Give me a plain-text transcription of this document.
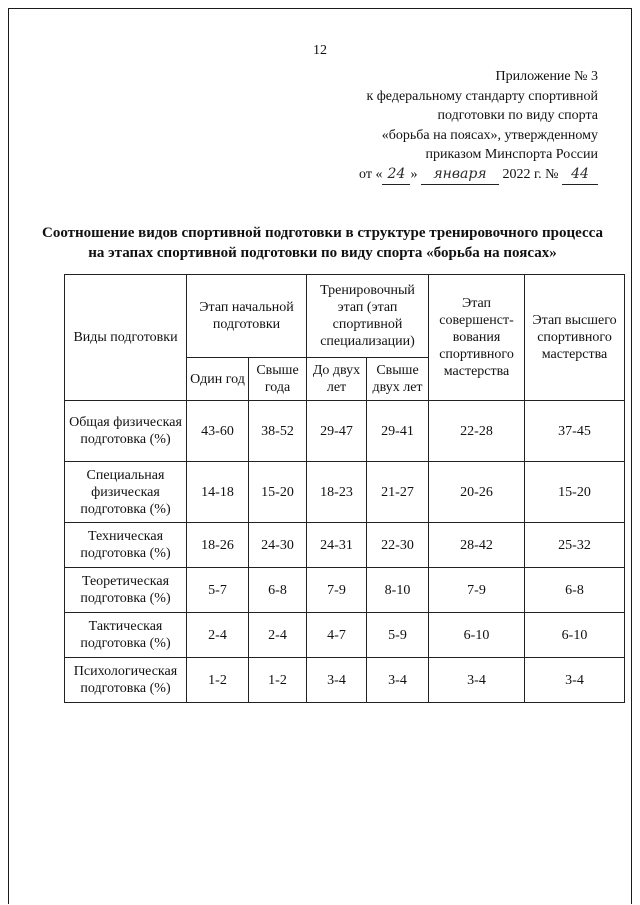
12
Приложение № 3
к федеральному стандарту спортивной
подготовки по виду спорта
«борьба на поясах», утвержденному
приказом Минспорта России
от « 24 » января 2022 г. № 44
Соотношение видов спортивной подготовки в структуре тренировочного процесса на этапах спортивной подготовки по виду спорта «борьба на поясах»
Виды подготовки	Этап начальной подготовки		Тренировочный этап (этап спортивной специализации)		Этап совершенст-вования спортивного мастерства	Этап высшего спортивного мастерства
	Один год	Свыше года	До двух лет	Свыше двух лет		
Общая физическая подготовка (%)	43-60	38-52	29-47	29-41	22-28	37-45
Специальная физическая подготовка (%)	14-18	15-20	18-23	21-27	20-26	15-20
Техническая подготовка (%)	18-26	24-30	24-31	22-30	28-42	25-32
Теоретическая подготовка (%)	5-7	6-8	7-9	8-10	7-9	6-8
Тактическая подготовка (%)	2-4	2-4	4-7	5-9	6-10	6-10
Психологическая подготовка (%)	1-2	1-2	3-4	3-4	3-4	3-4
